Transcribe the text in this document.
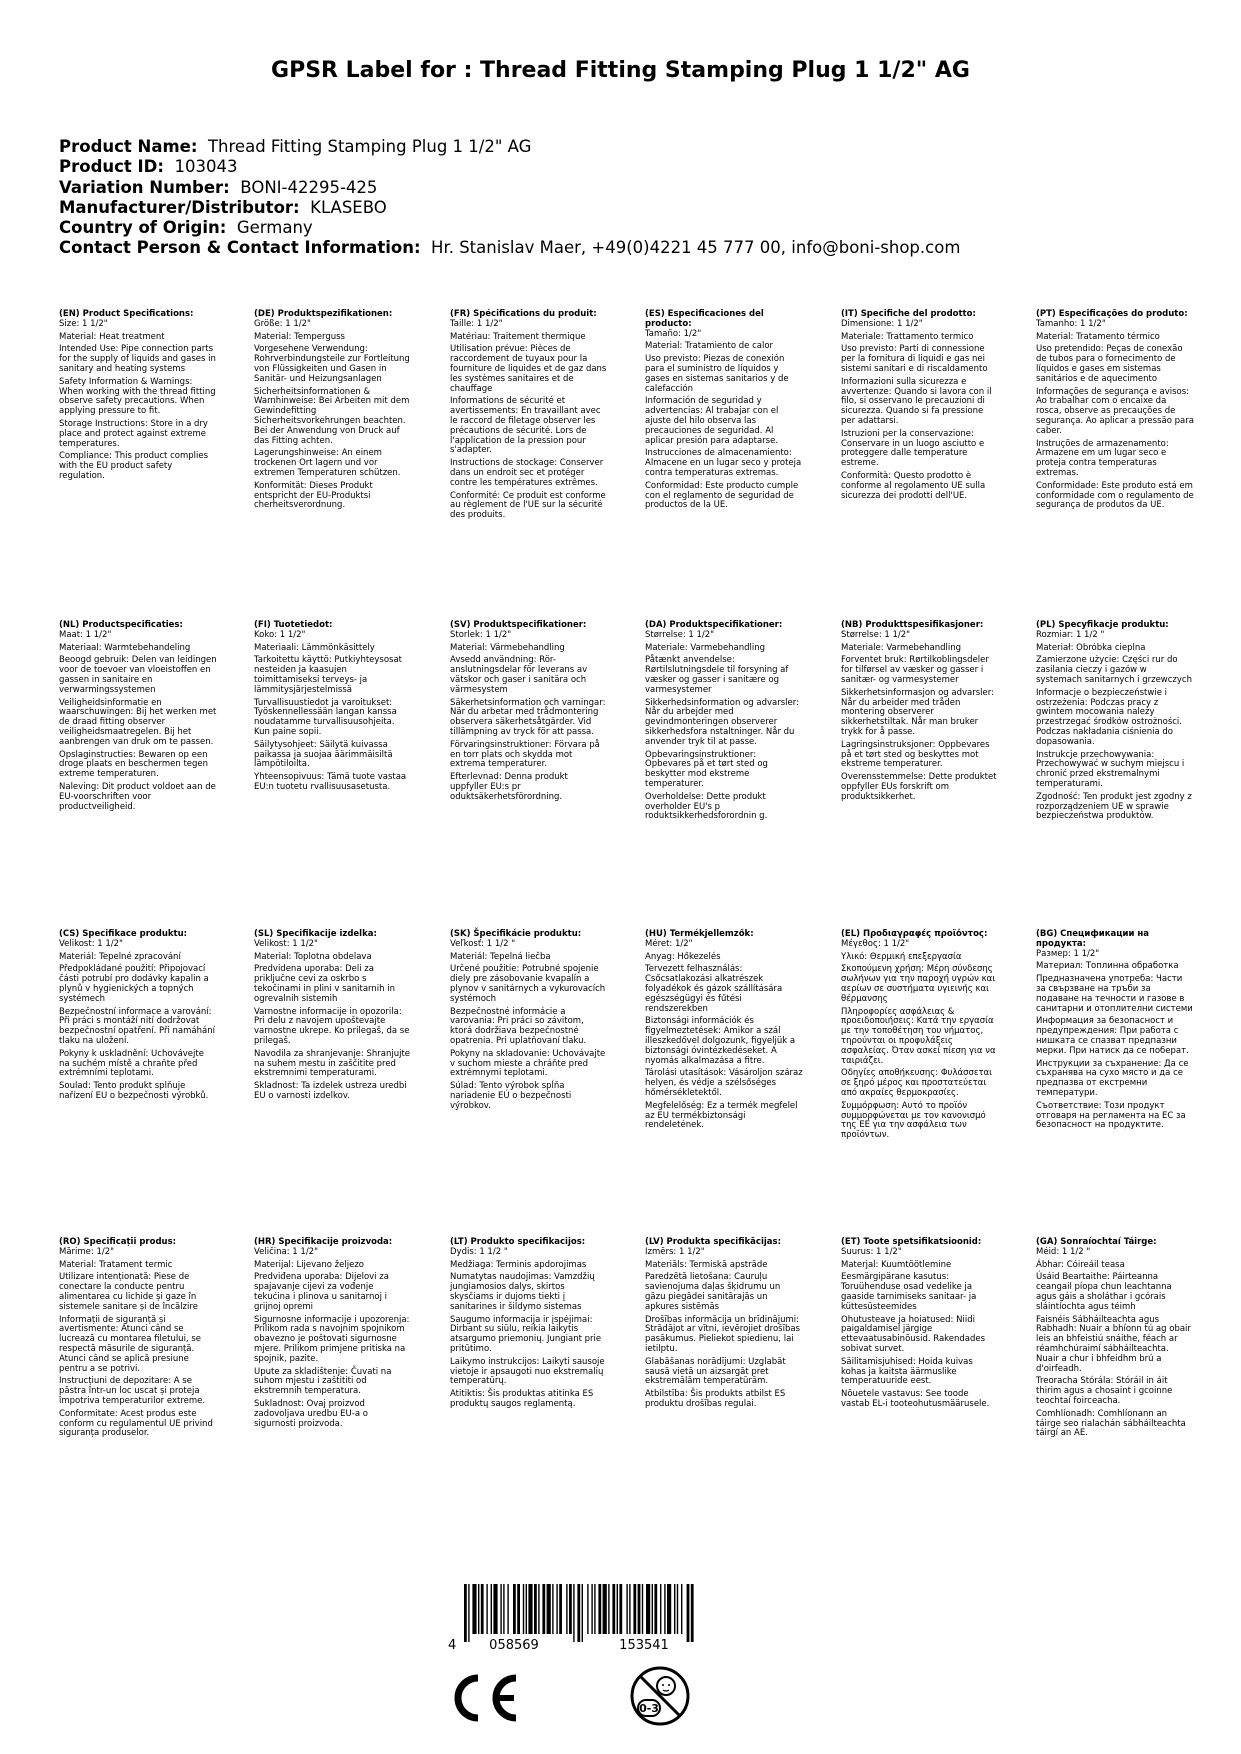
GPSR Label for : Thread Fitting Stamping Plug 1 1/2" AG
Product Name: Thread Fitting Stamping Plug 1 1/2" AG
Product ID: 103043
Variation Number: BONI-42295-425
Manufacturer/Distributor: KLASEBO
Country of Origin: Germany
Contact Person & Contact Information: Hr. Stanislav Maer, +49(0)4221 45 777 00, info@boni-shop.com
(EN) Product Specifications:
Size: 1 1/2"
Material: Heat treatment
Intended Use: Pipe connection parts for the supply of liquids and gases in sanitary and heating systems
Safety Information & Warnings: When working with the thread fitting observe safety precautions. When applying pressure to fit.
Storage Instructions: Store in a dry place and protect against extreme temperatures.
Compliance: This product complies with the EU product safety regulation.
(DE) Produktspezifikationen:
Größe: 1 1/2"
Material: Temperguss
Vorgesehene Verwendung: Rohrverbindungsteile zur Fortleitung von Flüssigkeiten und Gasen in Sanitär- und Heizungsanlagen
Sicherheitsinformationen & Warnhinweise: Bei Arbeiten mit dem Gewindefitting Sicherheitsvorkehrungen beachten. Bei der Anwendung von Druck auf das Fitting achten.
Lagerungshinweise: An einem trockenen Ort lagern und vor extremen Temperaturen schützen.
Konformität: Dieses Produkt entspricht der EU-Produktsi cherheitsverordnung.
(FR) Spécifications du produit:
Taille: 1 1/2"
Matériau: Traitement thermique
Utilisation prévue: Pièces de raccordement de tuyaux pour la fourniture de liquides et de gaz dans les systèmes sanitaires et de chauffage
Informations de sécurité et avertissements: En travaillant avec le raccord de filetage observer les précautions de sécurité. Lors de l'application de la pression pour s'adapter.
Instructions de stockage: Conserver dans un endroit sec et protéger contre les températures extrêmes.
Conformité: Ce produit est conforme au règlement de l'UE sur la sécurité des produits.
(ES) Especificaciones del producto:
Tamaño: 1/2"
Material: Tratamiento de calor
Uso previsto: Piezas de conexión para el suministro de líquidos y gases en sistemas sanitarios y de calefacción
Información de seguridad y advertencias: Al trabajar con el ajuste del hilo observa las precauciones de seguridad. Al aplicar presión para adaptarse.
Instrucciones de almacenamiento: Almacene en un lugar seco y proteja contra temperaturas extremas.
Conformidad: Este producto cumple con el reglamento de seguridad de productos de la UE.
(IT) Specifiche del prodotto:
Dimensione: 1 1/2"
Materiale: Trattamento termico
Uso previsto: Parti di connessione per la fornitura di liquidi e gas nei sistemi sanitari e di riscaldamento
Informazioni sulla sicurezza e avvertenze: Quando si lavora con il filo, si osservano le precauzioni di sicurezza. Quando si fa pressione per adattarsi.
Istruzioni per la conservazione: Conservare in un luogo asciutto e proteggere dalle temperature estreme.
Conformità: Questo prodotto è conforme al regolamento UE sulla sicurezza dei prodotti dell'UE.
(PT) Especificações do produto:
Tamanho: 1 1/2"
Material: Tratamento térmico
Uso pretendido: Peças de conexão de tubos para o fornecimento de líquidos e gases em sistemas sanitários e de aquecimento
Informações de segurança e avisos: Ao trabalhar com o encaixe da rosca, observe as precauções de segurança. Ao aplicar a pressão para caber.
Instruções de armazenamento: Armazene em um lugar seco e proteja contra temperaturas extremas.
Conformidade: Este produto está em conformidade com o regulamento de segurança de produtos da UE.
(NL) Productspecificaties:
Maat: 1 1/2"
Materiaal: Warmtebehandeling
Beoogd gebruik: Delen van leidingen voor de toevoer van vloeistoffen en gassen in sanitaire en verwarmingssystemen
Veiligheidsinformatie en waarschuwingen: Bij het werken met de draad fitting observer veiligheidsmaatregelen. Bij het aanbrengen van druk om te passen.
Opslaginstructies: Bewaren op een droge plaats en beschermen tegen extreme temperaturen.
Naleving: Dit product voldoet aan de EU-voorschriften voor productveiligheid.
(FI) Tuotetiedot:
Koko: 1 1/2"
Materiaali: Lämmönkäsittely
Tarkoitettu käyttö: Putkiyhteysosat nesteiden ja kaasujen toimittamiseksi terveys- ja lämmitysjärjestelmissä
Turvallisuustiedot ja varoitukset: Työskennellessään langan kanssa noudatamme turvallisuusohjeita. Kun paine sopii.
Säilytysohjeet: Säilytä kuivassa paikassa ja suojaa äärimmäisiltä lämpötiloilta.
Yhteensopivuus: Tämä tuote vastaa EU:n tuotetu rvallisuusasetusta.
(SV) Produktspecifikationer:
Storlek: 1 1/2"
Material: Värmebehandling
Avsedd användning: Rör-anslutningsdelar för leverans av vätskor och gaser i sanitära och värmesystem
Säkerhetsinformation och varningar: När du arbetar med trådmontering observera säkerhetsåtgärder. Vid tillämpning av tryck för att passa.
Förvaringsinstruktioner: Förvara på en torr plats och skydda mot extrema temperaturer.
Efterlevnad: Denna produkt uppfyller EU:s pr oduktsäkerhetsförordning.
(DA) Produktspecifikationer:
Størrelse: 1 1/2"
Materiale: Varmebehandling
Påtænkt anvendelse: Rørtilslutningsdele til forsyning af væsker og gasser i sanitære og varmesystemer
Sikkerhedsinformation og advarsler: Når du arbejder med gevindmonteringen observerer sikkerhedsfora nstaltninger. Når du anvender tryk til at passe.
Opbevaringsinstruktioner: Opbevares på et tørt sted og beskytter mod ekstreme temperaturer.
Overholdelse: Dette produkt overholder EU's p roduktsikkerhedsforordnin g.
(NB) Produkttspesifikasjoner:
Størrelse: 1 1/2"
Materiale: Varmebehandling
Forventet bruk: Rørtilkoblingsdeler for tilførsel av væsker og gasser i sanitær- og varmesystemer
Sikkerhetsinformasjon og advarsler: Når du arbeider med tråden montering observerer sikkerhetstiltak. Når man bruker trykk for å passe.
Lagringsinstruksjoner: Oppbevares på et tørt sted og beskyttes mot ekstreme temperaturer.
Overensstemmelse: Dette produktet oppfyller EUs forskrift om produktsikkerhet.
(PL) Specyfikacje produktu:
Rozmiar: 1 1/2 "
Materiał: Obróbka cieplna
Zamierzone użycie: Części rur do zasilania cieczy i gazów w systemach sanitarnych i grzewczych
Informacje o bezpieczeństwie i ostrzeżenia: Podczas pracy z gwintem mocowania należy przestrzegać środków ostrożności. Podczas nakładania ciśnienia do dopasowania.
Instrukcje przechowywania: Przechowywać w suchym miejscu i chronić przed ekstremalnymi temperaturami.
Zgodność: Ten produkt jest zgodny z rozporządzeniem UE w sprawie bezpieczeństwa produktów.
(CS) Specifikace produktu:
Velikost: 1 1/2"
Materiál: Tepelné zpracování
Předpokládané použití: Připojovací části potrubí pro dodávky kapalin a plynů v hygienických a topných systémech
Bezpečnostní informace a varování: Při práci s montáží nití dodržovat bezpečnostní opatření. Při namáhání tlaku na uložení.
Pokyny k uskladnění: Uchovávejte na suchém místě a chraňte před extrémními teplotami.
Soulad: Tento produkt splňuje nařízení EU o bezpečnosti výrobků.
(SL) Specifikacije izdelka:
Velikost: 1 1/2"
Material: Toplotna obdelava
Predvidena uporaba: Deli za priključne cevi za oskrbo s tekočinami in plini v sanitarnih in ogrevalnih sistemih
Varnostne informacije in opozorila: Pri delu z navojem upoštevajte varnostne ukrepe. Ko prilegaš, da se prilegaš.
Navodila za shranjevanje: Shranjujte na suhem mestu in zaščitite pred ekstremnimi temperaturami.
Skladnost: Ta izdelek ustreza uredbi EU o varnosti izdelkov.
(SK) Špecifikácie produktu:
Veľkosť: 1 1/2 "
Materiál: Tepelná liečba
Určené použitie: Potrubné spojenie diely pre zásobovanie kvapalín a plynov v sanitárnych a vykurovacích systémoch
Bezpečnostné informácie a varovania: Pri práci so závitom, ktorá dodržiava bezpečnostné opatrenia. Pri uplatňovaní tlaku.
Pokyny na skladovanie: Uchovávajte v suchom mieste a chráňte pred extrémnymi teplotami.
Súlad: Tento výrobok spĺňa nariadenie EÚ o bezpečnosti výrobkov.
(HU) Termékjellemzők:
Méret: 1/2"
Anyag: Hőkezelés
Tervezett felhasználás: Csőcsatlakozási alkatrészek folyadékok és gázok szállítására egészségügyi és fűtési rendszerekben
Biztonsági információk és figyelmeztetések: Amikor a szál illeszkedővel dolgozunk, figyeljük a biztonsági óvintézkedéseket. A nyomás alkalmazása a fitre.
Tárolási utasítások: Vásároljon száraz helyen, és védje a szélsőséges hőmérsékletektől.
Megfelelőség: Ez a termék megfelel az EU termékbiztonsági rendeletének.
(EL) Προδιαγραφές προϊόντος:
Μέγεθος: 1 1/2"
Υλικό: Θερμική επεξεργασία
Σκοπούμενη χρήση: Μέρη σύνδεσης σωλήνων για την παροχή υγρών και αερίων σε συστήματα υγιεινής και θέρμανσης
Πληροφορίες ασφάλειας & προειδοποιήσεις: Κατά την εργασία με την τοποθέτηση του νήματος, τηρούνται οι προφυλάξεις ασφαλείας. Όταν ασκεί πίεση για να ταιριάζει.
Οδηγίες αποθήκευσης: Φυλάσσεται σε ξηρό μέρος και προστατεύεται από ακραίες θερμοκρασίες.
Συμμόρφωση: Αυτό το προϊόν συμμορφώνεται με τον κανονισμό της ΕΕ για την ασφάλεια των προϊόντων.
(BG) Спецификации на продукта:
Размер: 1 1/2"
Материал: Топлинна обработка
Предназначена употреба: Части за свързване на тръби за подаване на течности и газове в санитарни и отоплителни системи
Информация за безопасност и предупреждения: При работа с нишката се спазват предпазни мерки. При натиск да се поберат.
Инструкции за съхранение: Да се съхранява на сухо място и да се предпазва от екстремни температури.
Съответствие: Този продукт отговаря на регламента на ЕС за безопасност на продуктите.
(RO) Specificații produs:
Mărime: 1/2"
Material: Tratament termic
Utilizare intenționată: Piese de conectare la conducte pentru alimentarea cu lichide și gaze în sistemele sanitare și de încălzire
Informații de siguranță și avertismente: Atunci când se lucrează cu montarea filetului, se respectă măsurile de siguranță. Atunci când se aplică presiune pentru a se potrivi.
Instrucțiuni de depozitare: A se păstra într-un loc uscat și proteja împotriva temperaturilor extreme.
Conformitate: Acest produs este conform cu regulamentul UE privind siguranța produselor.
(HR) Specifikacije proizvoda:
Veličina: 1 1/2"
Materijal: Lijevano željezo
Predviđena uporaba: Dijelovi za spajavanje cijevi za vođenje tekućina i plinova u sanitarnoj i grijnoj opremi
Sigurnosne informacije i upozorenja: Prilikom rada s navojnim spojnikom obavezno je poštovati sigurnosne mjere. Prilikom primjene pritiska na spojnik, pazite.
Upute za skladištenje: Čuvati na suhom mjestu i zaštititi od ekstremnih temperatura.
Sukladnost: Ovaj proizvod zadovoljava uredbu EU-a o sigurnosti proizvoda.
(LT) Produkto specifikacijos:
Dydis: 1 1/2 "
Medžiaga: Terminis apdorojimas
Numatytas naudojimas: Vamzdžių jungiamosios dalys, skirtos skysčiams ir dujoms tiekti į sanitarines ir šildymo sistemas
Saugumo informacija ir įspėjimai: Dirbant su siūlu, reikia laikytis atsargumo priemonių. Jungiant prie pritūtimo.
Laikymo instrukcijos: Laikyti sausoje vietoje ir apsaugoti nuo ekstremalių temperatūrų.
Atitiktis: Šis produktas atitinka ES produktų saugos reglamentą.
(LV) Produkta specifikācijas:
Izmērs: 1 1/2"
Materiāls: Termiskā apstrāde
Paredzētā lietošana: Cauruļu savienojuma daļas šķidrumu un gāzu piegādei sanitārajās un apkures sistēmās
Drošības informācija un brīdinājumi: Strādājot ar vītni, ievērojiet drošības pasākumus. Pieliekot spiedienu, lai ietilptu.
Glabāšanas norādījumi: Uzglabāt sausā vietā un aizsargāt pret ekstremālām temperatūrām.
Atbilstība: Šis produkts atbilst ES produktu drošības regulai.
(ET) Toote spetsifikatsioonid:
Suurus: 1 1/2"
Materjal: Kuumtöötlemine
Eesmärgipärane kasutus: Toruühenduse osad vedelike ja gaaside tarnimiseks sanitaar- ja küttesüsteemides
Ohutusteave ja hoiatused: Niidi paigaldamisel järgige ettevaatusabinõusid. Rakendades sobivat survet.
Säilitamisjuhised: Hoida kuivas kohas ja kaitsta äärmuslike temperatuuride eest.
Nõuetele vastavus: See toode vastab EL-i tooteohutusmäärusele.
(GA) Sonraíochtaí Táirge:
Méid: 1 1/2 "
Ábhar: Cóireáil teasa
Úsáid Beartaithe: Páirteanna ceangail píopa chun leachtanna agus gáis a sholáthar i gcórais sláintíochta agus téimh
Faisnéis Sábháilteachta agus Rabhadh: Nuair a bhíonn tú ag obair leis an bhfeistiú snáithe, féach ar réamhchúraimí sábháilteachta. Nuair a chur i bhfeidhm brú a d'oirfeadh.
Treoracha Stórála: Stóráil in áit thirim agus a chosaint i gcoinne teochtaí foirceacha.
Comhlíonadh: Comhlíonann an táirge seo rialachán sábháilteachta táirgí an AE.
4	058569	153541
0-3
